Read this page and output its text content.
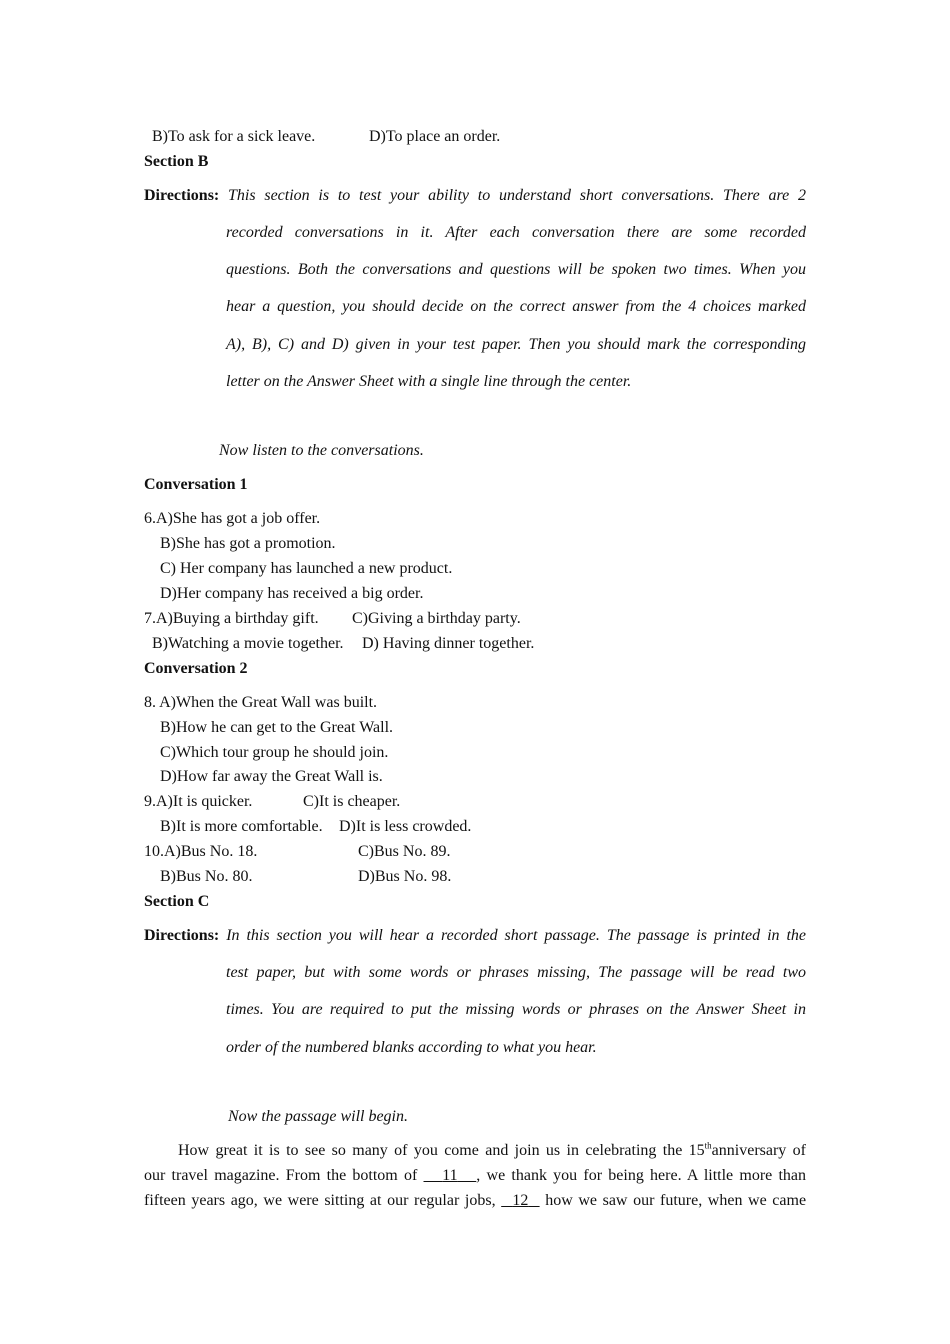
B)To ask for a sick leave.	D)To place an order.
Section B
Directions: This section is to test your ability to understand short conversations. There are 2
recorded conversations in it. After each conversation there are some recorded
questions. Both the conversations and questions will be spoken two times. When you
hear a question, you should decide on the correct answer from the 4 choices marked
A), B), C) and D) given in your test paper. Then you should mark the corresponding
letter on the Answer Sheet with a single line through the center.
Now listen to the conversations.
Conversation 1
6.A)She has got a job offer.
B)She has got a promotion.
C) Her company has launched a new product.
D)Her company has received a big order.
7.A)Buying a birthday gift. C)Giving a birthday party.
B)Watching a movie together. D) Having dinner together.
Conversation 2
8. A)When the Great Wall was built.
B)How he can get to the Great Wall.
C)Which tour group he should join.
D)How far away the Great Wall is.
9.A)It is quicker.	C)It is cheaper.
B)It is more comfortable. D)It is less crowded.
10.A)Bus No. 18.	C)Bus No. 89.
B)Bus No. 80.	D)Bus No. 98.
Section C
Directions: In this section you will hear a recorded short passage. The passage is printed in the
test paper, but with some words or phrases missing, The passage will be read two
times. You are required to put the missing words or phrases on the Answer Sheet in
order of the numbered blanks according to what you hear.
Now the passage will begin.
How great it is to see so many of you come and join us in celebrating the 15thanniversary of
our travel magazine. From the bottom of 11 , we thank you for being here. A little more than
fifteen years ago, we were sitting at our regular jobs, 12 how we saw our future, when we came
